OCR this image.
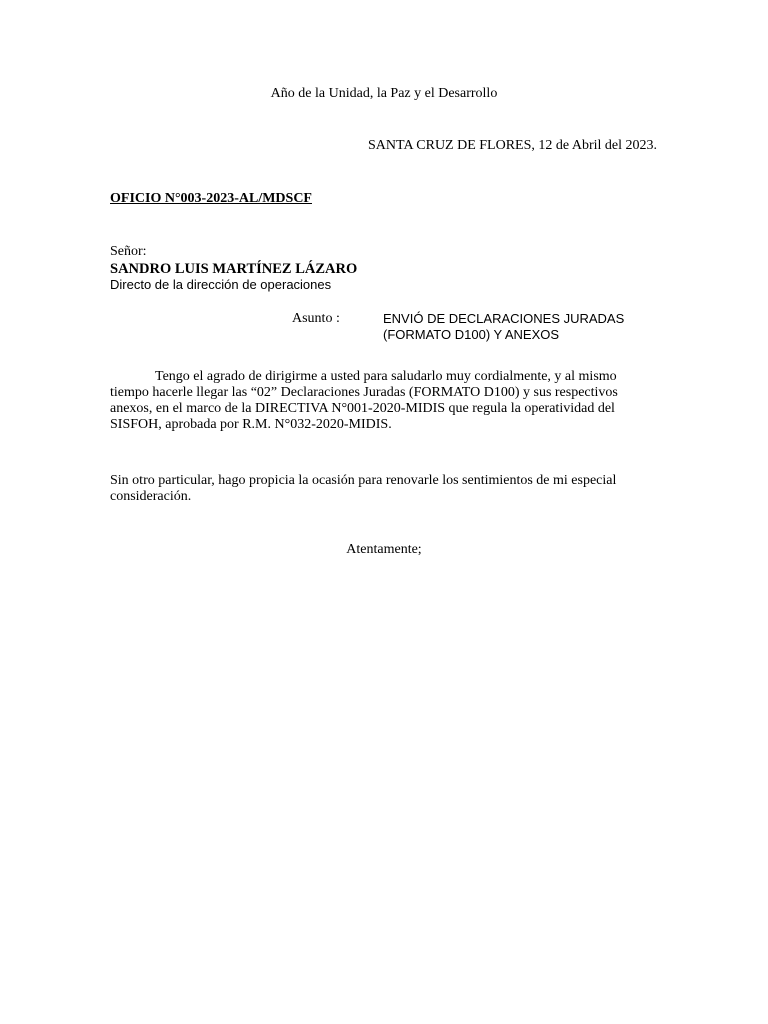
Año de la Unidad, la Paz y el Desarrollo
SANTA CRUZ DE FLORES, 12 de Abril del 2023.
OFICIO N°003-2023-AL/MDSCF
Señor:
SANDRO LUIS MARTÍNEZ LÁZARO
Directo de la dirección de operaciones
Asunto :	ENVIÓ DE DECLARACIONES JURADAS
(FORMATO D100) Y ANEXOS
Tengo el agrado de dirigirme a usted para saludarlo muy cordialmente, y al mismo
tiempo hacerle llegar las “02” Declaraciones Juradas (FORMATO D100) y sus respectivos
anexos, en el marco de la DIRECTIVA N°001-2020-MIDIS que regula la operatividad del
SISFOH, aprobada por R.M. N°032-2020-MIDIS.
Sin otro particular, hago propicia la ocasión para renovarle los sentimientos de mi especial
consideración.
Atentamente;
